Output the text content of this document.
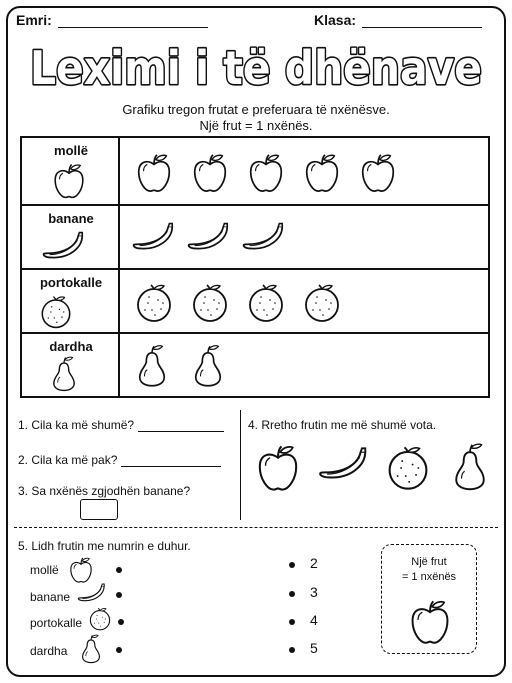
Emri:	Klasa:
Leximi i të dhënave
Grafiku tregon frutat e preferuara të nxënësve.
Një frut = 1 nxënës.
mollë
banane
portokalle
dardha
1. Cila ka më shumë?
2. Cila ka më pak?
3. Sa nxënës zgjodhën banane?
4. Rretho frutin me më shumë vota.
5. Lidh frutin me numrin e duhur.
mollë
banane
portokalle
dardha
2
3
4
5
Një frut
= 1 nxënës
